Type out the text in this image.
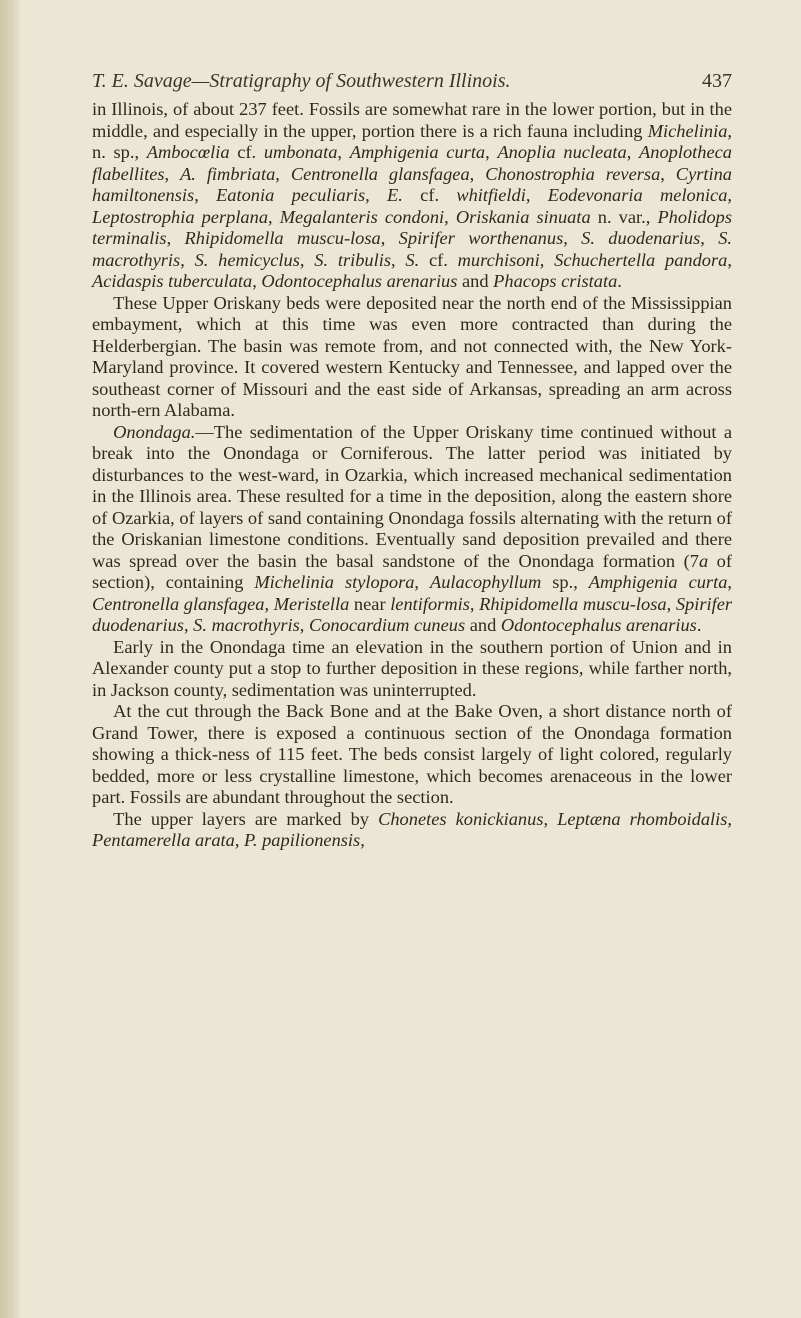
T. E. Savage—Stratigraphy of Southwestern Illinois.	437

in Illinois, of about 237 feet. Fossils are somewhat rare in the lower portion, but in the middle, and especially in the upper, portion there is a rich fauna including Michelinia, n. sp., Ambocœlia cf. umbonata, Amphigenia curta, Anoplia nucleata, Anoplotheca flabellites, A. fimbriata, Centronella glansfagea, Chonostrophia reversa, Cyrtina hamiltonensis, Eatonia peculiaris, E. cf. whitfieldi, Eodevonaria melonica, Leptostrophia perplana, Megalanteris condoni, Oriskania sinuata n. var., Pholidops terminalis, Rhipidomella muscu-losa, Spirifer worthenanus, S. duodenarius, S. macrothyris, S. hemicyclus, S. tribulis, S. cf. murchisoni, Schuchertella pandora, Acidaspis tuberculata, Odontocephalus arenarius and Phacops cristata.

These Upper Oriskany beds were deposited near the north end of the Mississippian embayment, which at this time was even more contracted than during the Helderbergian. The basin was remote from, and not connected with, the New York-Maryland province. It covered western Kentucky and Tennessee, and lapped over the southeast corner of Missouri and the east side of Arkansas, spreading an arm across north-ern Alabama.

Onondaga.—The sedimentation of the Upper Oriskany time continued without a break into the Onondaga or Corniferous. The latter period was initiated by disturbances to the west-ward, in Ozarkia, which increased mechanical sedimentation in the Illinois area. These resulted for a time in the deposition, along the eastern shore of Ozarkia, of layers of sand containing Onondaga fossils alternating with the return of the Oriskanian limestone conditions. Eventually sand deposition prevailed and there was spread over the basin the basal sandstone of the Onondaga formation (7a of section), containing Michelinia stylopora, Aulacophyllum sp., Amphigenia curta, Centronella glansfagea, Meristella near lentiformis, Rhipidomella muscu-losa, Spirifer duodenarius, S. macrothyris, Conocardium cuneus and Odontocephalus arenarius.

Early in the Onondaga time an elevation in the southern portion of Union and in Alexander county put a stop to further deposition in these regions, while farther north, in Jackson county, sedimentation was uninterrupted.

At the cut through the Back Bone and at the Bake Oven, a short distance north of Grand Tower, there is exposed a continuous section of the Onondaga formation showing a thick-ness of 115 feet. The beds consist largely of light colored, regularly bedded, more or less crystalline limestone, which becomes arenaceous in the lower part. Fossils are abundant throughout the section.

The upper layers are marked by Chonetes konickianus, Leptæna rhomboidalis, Pentamerella arata, P. papilionensis,
